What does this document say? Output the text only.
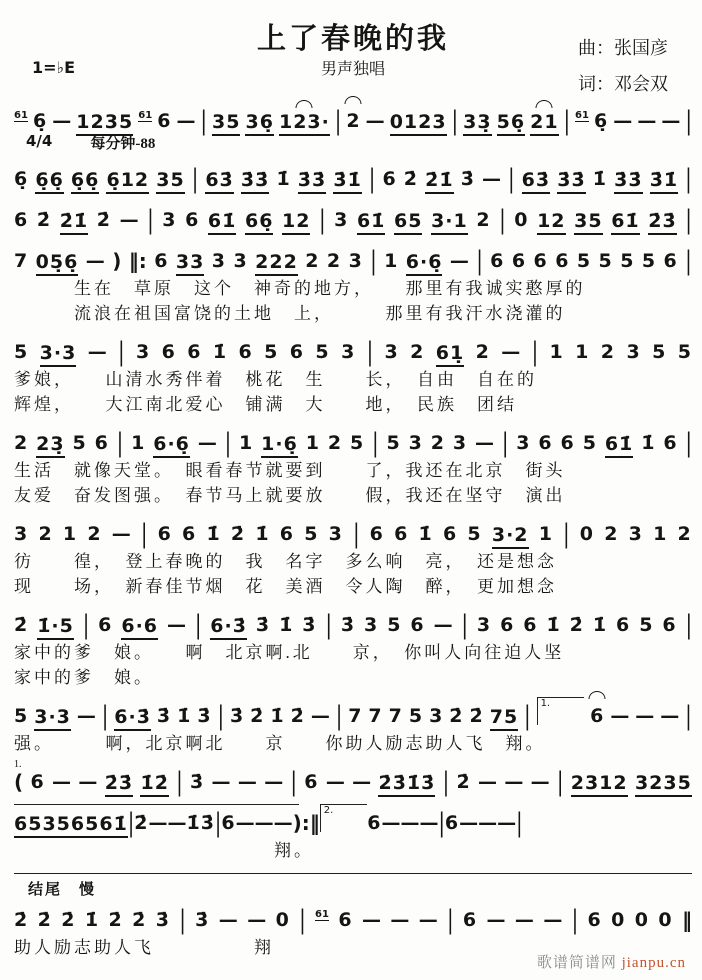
上了春晚的我
男声独唱
曲：张国彦
词：邓会双
1=♭E
61 6̣ — 1235 61 6 — | 35 36̣ 123· | 2 — 0123 | 33̣ 56̣ 21 | 61 6̣ — — — |
4/4	每分钟-88
6̣ 6̣6̣ 6̣6̣ 6̣12 35 | 63̇ 3̇3̇ 1̇ 3̇3̇ 3̇1̇ | 6 2̇ 2̇1̇ 3̇ — | 63̇ 3̇3̇ 1̇ 3̇3̇ 3̇1̇ |
6 2̇ 2̇1̇ 2̇ — | 3 6 61̇ 66̣ 12 | 3 61̇ 65 3·1 2 | 0 12 35 61̇ 2̇3̇ |
7 05̣6̣ — ) ‖: 6 33 3 3 222 2 2 3 | 1 6·6̣ — | 6 6 6 6 5 5 5 5 6 |
　　　生在　草原　这个　神奇的地方，　　那里有我诚实憨厚的
　　　流浪在祖国富饶的土地　上，　　　那里有我汗水浇灌的
5 3·3 — | 3 6 6 1̇ 6 5 6 5 3 | 3 2 61̣ 2 — | 1 1 2 3 5 5
爹娘，　　山清水秀伴着　桃花　生　　长，　自由　自在的
辉煌，　　大江南北爱心　铺满　大　　地，　民族　团结
2 23̣ 5 6 | 1 6·6̣ — | 1 1·6̣ 1 2 5 | 5 3 2 3 — | 3 6 6 5 61̇ 1̇ 6 |
生活　就像天堂。　眼看春节就要到　　了，我还在北京　街头
友爱　奋发图强。　春节马上就要放　　假，我还在坚守　演出
3 2 1 2 — | 6 6 1̇ 2̇ 1̇ 6 5 3 | 6 6 1̇ 6 5 3·2 1 | 0 2 3 1 2
彷　　徨，　登上春晚的　我　名字　多么响　亮，　还是想念
现　　场，　新春佳节烟　花　美酒　令人陶　醉，　更加想念
2̇ 1̇·5 | 6 6·6 — | 6·3̇ 3̇ 1̇ 3̇ | 3̇ 3 5 6 — | 3 6 6 1̇ 2̇ 1̇ 6 5 6 |
家中的爹　娘。　　啊　北京啊.北　　京，　你叫人向往迫人坚
家中的爹　娘。
5 3·3 — | 6·3̇ 3̇ 1̇ 3̇ | 3̇ 2̇ 1̇ 2̇ — | 7 7 7 5 3 2̇ 2̇ 75 | 1.
6 — — — |
强。　　　啊，北京啊北　　京　　你助人励志助人飞　翔。
1.
( 6 — — 2̇3̇ 1̇2̇ | 3̇ — — — | 6 — — 2̇3̇1̇3̇ | 2̇ — — — | 2312 3235
65 35 65 61̇ | 2̇ — — 1̇ 3̇ | 6 — — — ) :‖
2.
6 — — — | 6 — — — |
　　　　　　　　　　　　　翔。
结尾　慢
2̇ 2̇ 2̇ 1̇ 2̇ 2̇ 3̇ | 3̇ — — 0 | 61 6 — — — | 6 — — — | 6 0 0 0 ‖
助人励志助人飞　　　　　翔
歌谱简谱网 jianpu.cn
